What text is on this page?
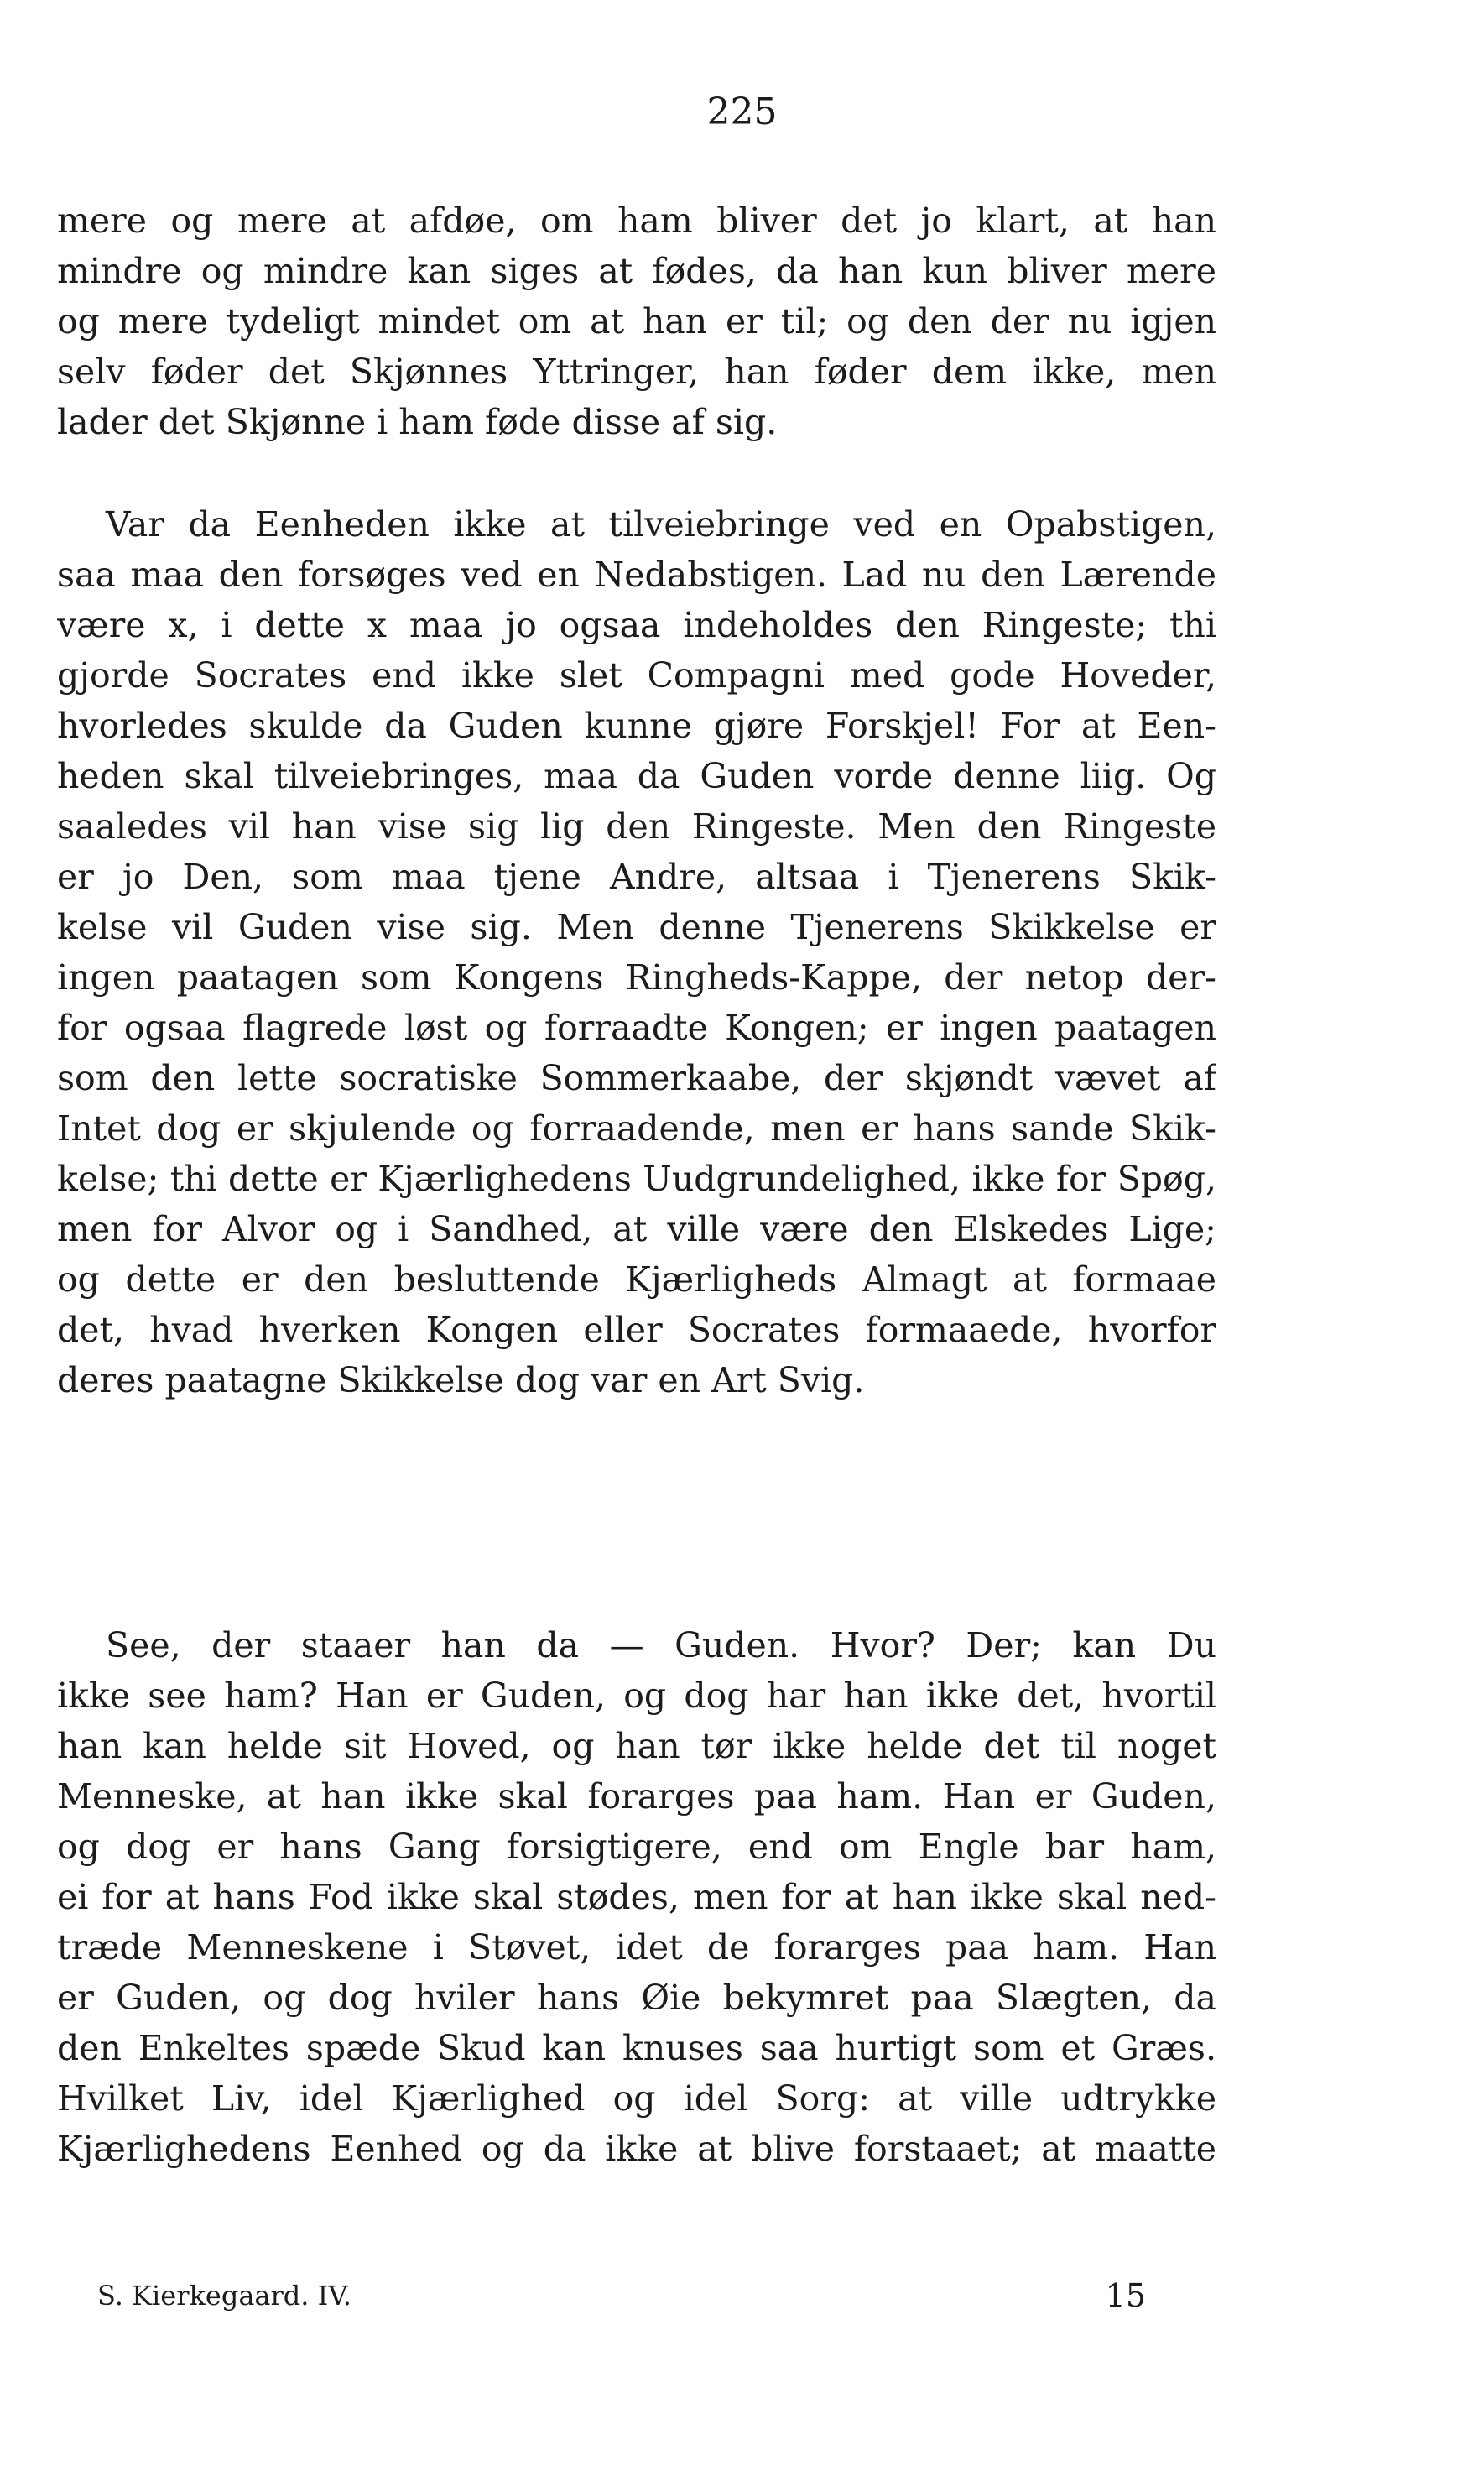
225
mere og mere at afdøe, om ham bliver det jo klart, at han
mindre og mindre kan siges at fødes, da han kun bliver mere
og mere tydeligt mindet om at han er til; og den der nu igjen
selv føder det Skjønnes Yttringer, han føder dem ikke, men
lader det Skjønne i ham føde disse af sig.
Var da Eenheden ikke at tilveiebringe ved en Opabstigen,
saa maa den forsøges ved en Nedabstigen. Lad nu den Lærende
være x, i dette x maa jo ogsaa indeholdes den Ringeste; thi
gjorde Socrates end ikke slet Compagni med gode Hoveder,
hvorledes skulde da Guden kunne gjøre Forskjel! For at Een-
heden skal tilveiebringes, maa da Guden vorde denne liig. Og
saaledes vil han vise sig lig den Ringeste. Men den Ringeste
er jo Den, som maa tjene Andre, altsaa i Tjenerens Skik-
kelse vil Guden vise sig. Men denne Tjenerens Skikkelse er
ingen paatagen som Kongens Ringheds-Kappe, der netop der-
for ogsaa flagrede løst og forraadte Kongen; er ingen paatagen
som den lette socratiske Sommerkaabe, der skjøndt vævet af
Intet dog er skjulende og forraadende, men er hans sande Skik-
kelse; thi dette er Kjærlighedens Uudgrundelighed, ikke for Spøg,
men for Alvor og i Sandhed, at ville være den Elskedes Lige;
og dette er den besluttende Kjærligheds Almagt at formaae
det, hvad hverken Kongen eller Socrates formaaede, hvorfor
deres paatagne Skikkelse dog var en Art Svig.
See, der staaer han da — Guden. Hvor? Der; kan Du
ikke see ham? Han er Guden, og dog har han ikke det, hvortil
han kan helde sit Hoved, og han tør ikke helde det til noget
Menneske, at han ikke skal forarges paa ham. Han er Guden,
og dog er hans Gang forsigtigere, end om Engle bar ham,
ei for at hans Fod ikke skal stødes, men for at han ikke skal ned-
træde Menneskene i Støvet, idet de forarges paa ham. Han
er Guden, og dog hviler hans Øie bekymret paa Slægten, da
den Enkeltes spæde Skud kan knuses saa hurtigt som et Græs.
Hvilket Liv, idel Kjærlighed og idel Sorg: at ville udtrykke
Kjærlighedens Eenhed og da ikke at blive forstaaet; at maatte
S. Kierkegaard. IV.	15
